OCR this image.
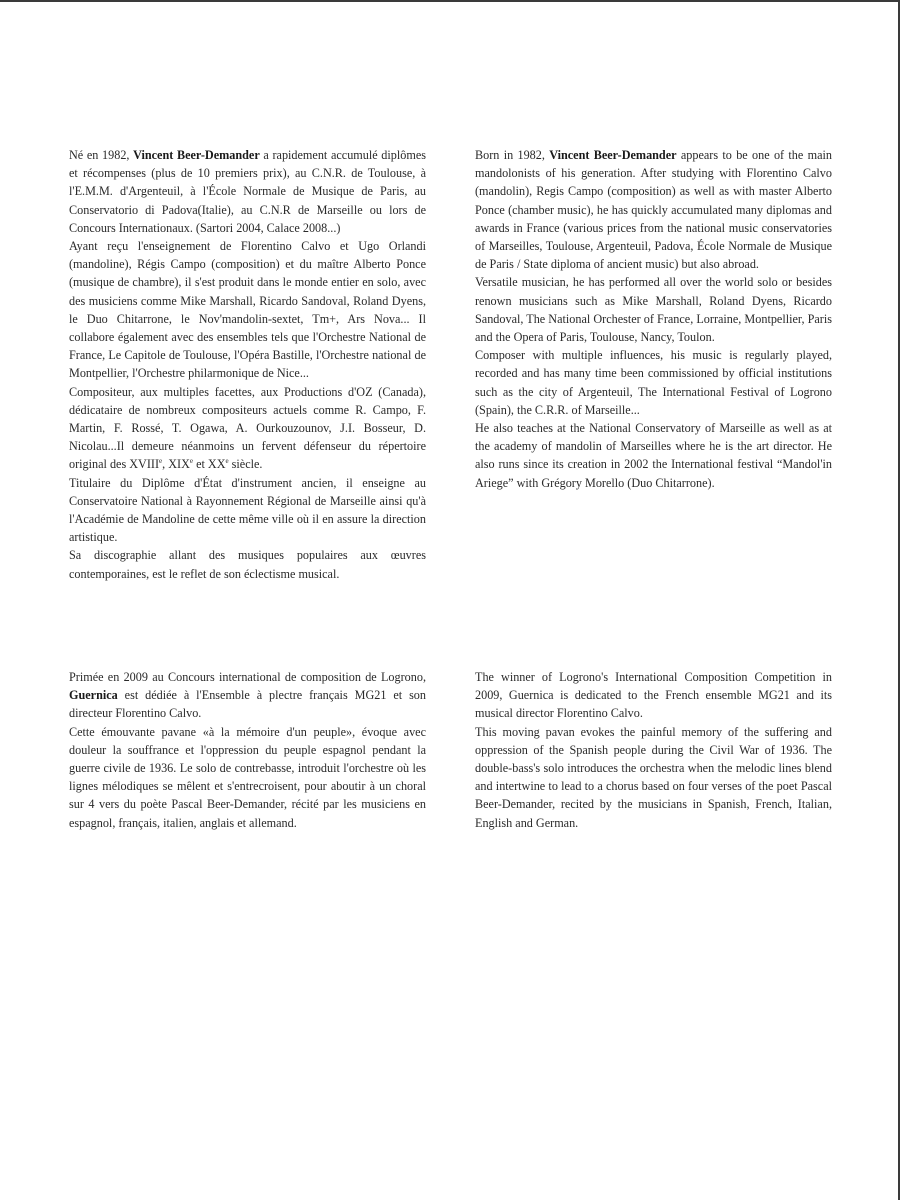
Né en 1982, Vincent Beer-Demander a rapidement accumulé diplômes et récompenses (plus de 10 premiers prix), au C.N.R. de Toulouse, à l'E.M.M. d'Argenteuil, à l'École Normale de Musique de Paris, au Conservatorio di Padova(Italie), au C.N.R de Marseille ou lors de Concours Internationaux. (Sartori 2004, Calace 2008...)

Ayant reçu l'enseignement de Florentino Calvo et Ugo Orlandi (mandoline), Régis Campo (composition) et du maître Alberto Ponce (musique de chambre), il s'est produit dans le monde entier en solo, avec des musiciens comme Mike Marshall, Ricardo Sandoval, Roland Dyens, le Duo Chitarrone, le Nov'mandolin-sextet, Tm+, Ars Nova... Il collabore également avec des ensembles tels que l'Orchestre National de France, Le Capitole de Toulouse, l'Opéra Bastille, l'Orchestre national de Montpellier, l'Orchestre philarmonique de Nice...

Compositeur, aux multiples facettes, aux Productions d'OZ (Canada), dédicataire de nombreux compositeurs actuels comme R. Campo, F. Martin, F. Rossé, T. Ogawa, A. Ourkouzounov, J.I. Bosseur, D. Nicolau...Il demeure néanmoins un fervent défenseur du répertoire original des XVIIIe, XIXe et XXe siècle.

Titulaire du Diplôme d'État d'instrument ancien, il enseigne au Conservatoire National à Rayonnement Régional de Marseille ainsi qu'à l'Académie de Mandoline de cette même ville où il en assure la direction artistique.

Sa discographie allant des musiques populaires aux œuvres contemporaines, est le reflet de son éclectisme musical.

Born in 1982, Vincent Beer-Demander appears to be one of the main mandolonists of his generation. After studying with Florentino Calvo (mandolin), Regis Campo (composition) as well as with master Alberto Ponce (chamber music), he has quickly accumulated many diplomas and awards in France (various prices from the national music conservatories of Marseilles, Toulouse, Argenteuil, Padova, École Normale de Musique de Paris / State diploma of ancient music) but also abroad.

Versatile musician, he has performed all over the world solo or besides renown musicians such as Mike Marshall, Roland Dyens, Ricardo Sandoval, The National Orchester of France, Lorraine, Montpellier, Paris and the Opera of Paris, Toulouse, Nancy, Toulon.

Composer with multiple influences, his music is regularly played, recorded and has many time been commissioned by official institutions such as the city of Argenteuil, The International Festival of Logrono (Spain), the C.R.R. of Marseille...

He also teaches at the National Conservatory of Marseille as well as at the academy of mandolin of Marseilles where he is the art director. He also runs since its creation in 2002 the International festival “Mandol'in Ariege” with Grégory Morello (Duo Chitarrone).

Primée en 2009 au Concours international de composition de Logrono, Guernica est dédiée à l'Ensemble à plectre français MG21 et son directeur Florentino Calvo.

Cette émouvante pavane «à la mémoire d'un peuple», évoque avec douleur la souffrance et l'oppression du peuple espagnol pendant la guerre civile de 1936. Le solo de contrebasse, introduit l'orchestre où les lignes mélodiques se mêlent et s'entrecroisent, pour aboutir à un choral sur 4 vers du poète Pascal Beer-Demander, récité par les musiciens en espagnol, français, italien, anglais et allemand.

The winner of Logrono's International Composition Competition in 2009, Guernica is dedicated to the French ensemble MG21 and its musical director Florentino Calvo.

This moving pavan evokes the painful memory of the suffering and oppression of the Spanish people during the Civil War of 1936. The double-bass's solo introduces the orchestra when the melodic lines blend and intertwine to lead to a chorus based on four verses of the poet Pascal Beer-Demander, recited by the musicians in Spanish, French, Italian, English and German.
